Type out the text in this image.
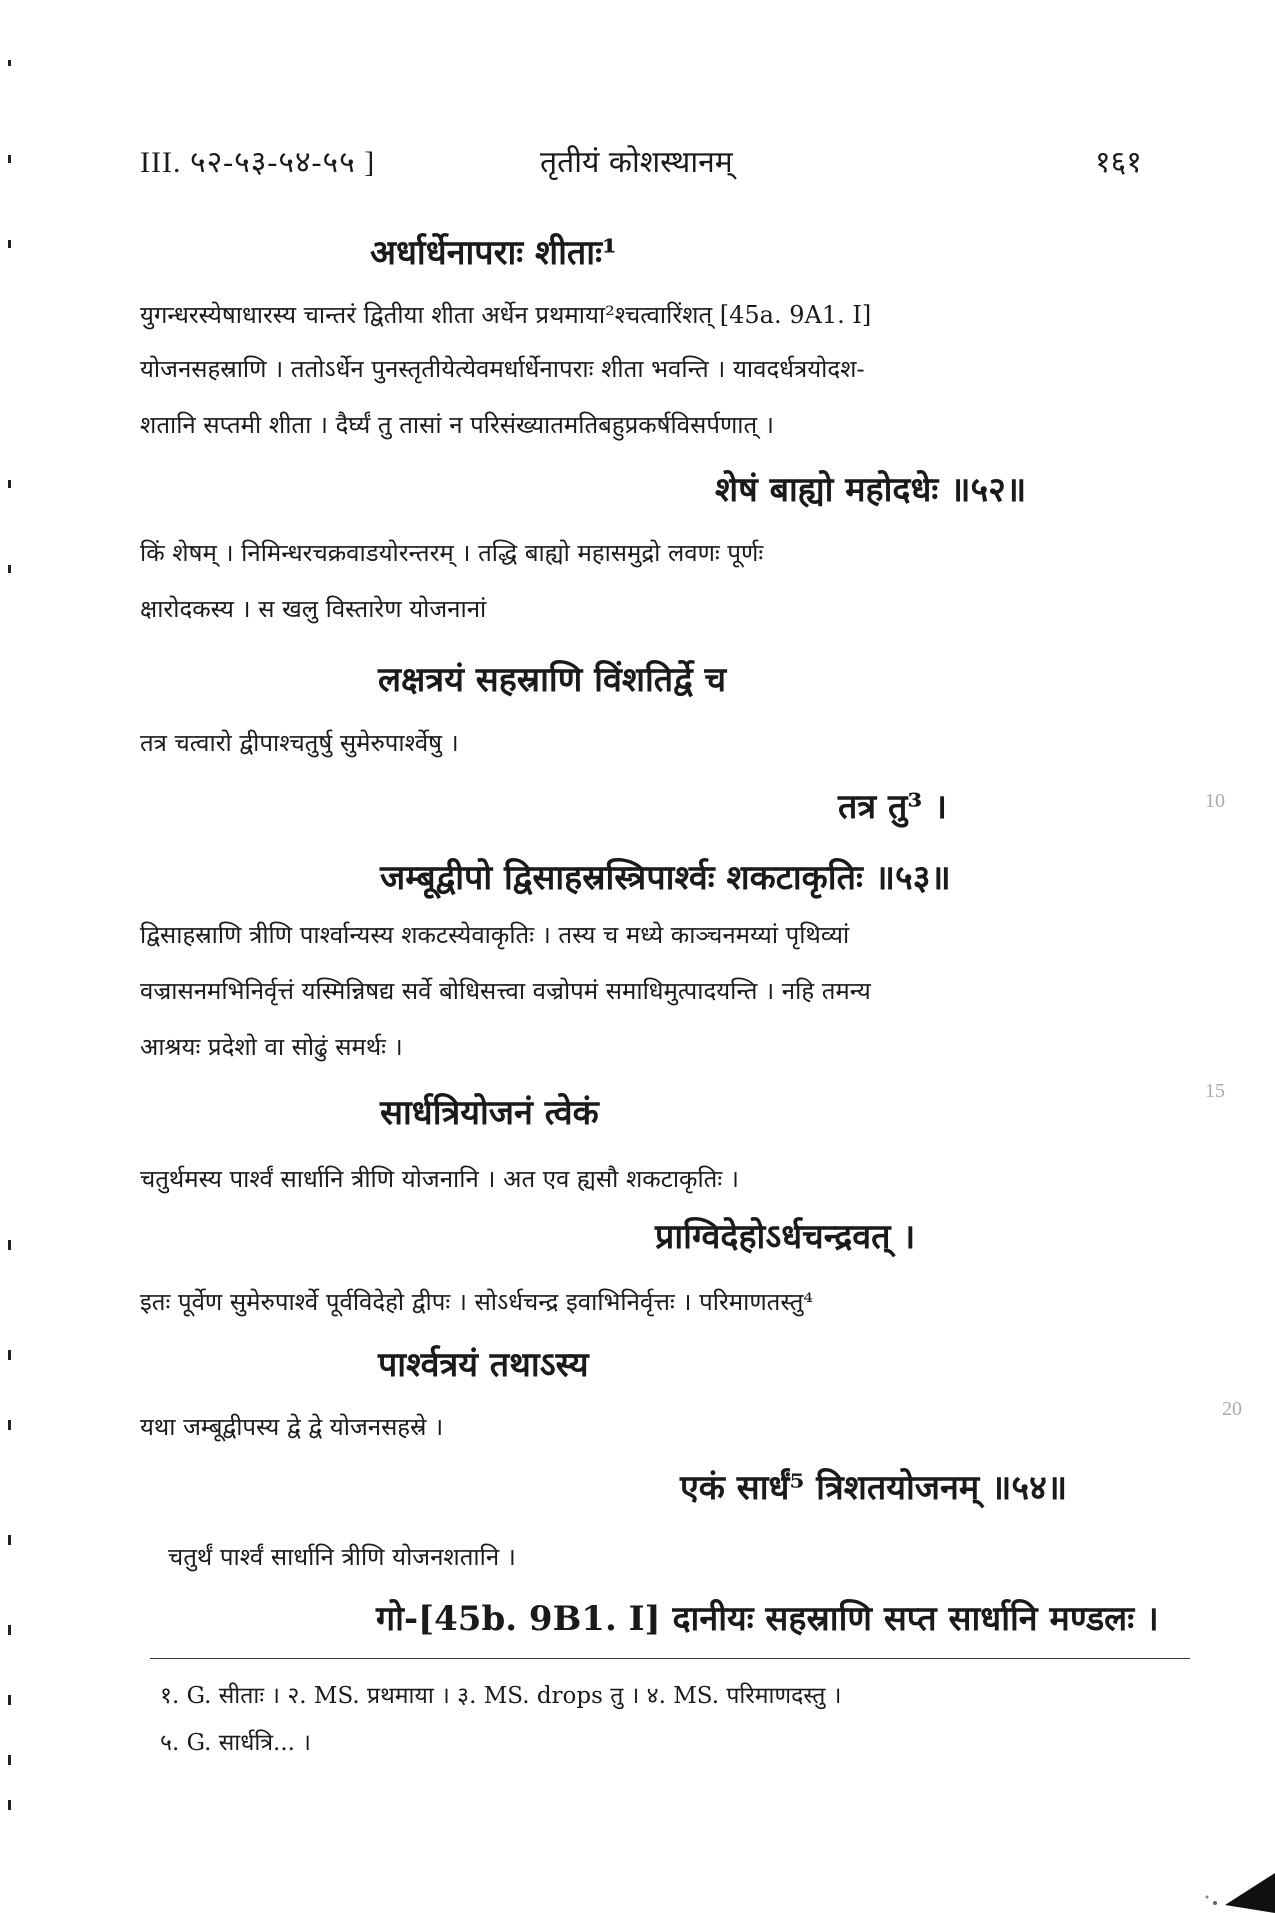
III. ५२-५३-५४-५५ ]	तृतीयं कोशस्थानम्	१६१
अर्धार्धेनापराः शीताः¹
युगन्धरस्येषाधारस्य चान्तरं द्वितीया शीता अर्धेन प्रथमाया²श्चत्वारिंशत् [45a. 9A1. I]
योजनसहस्राणि । ततोऽर्धेन पुनस्तृतीयेत्येवमर्धार्धेनापराः शीता भवन्ति । यावदर्धत्रयोदश-
शतानि सप्तमी शीता । दैर्घ्यं तु तासां न परिसंख्यातमतिबहुप्रकर्षविसर्पणात् ।
शेषं बाह्यो महोदधेः ॥५२॥
किं शेषम् । निमिन्धरचक्रवाडयोरन्तरम् । तद्धि बाह्यो महासमुद्रो लवणः पूर्णः
क्षारोदकस्य । स खलु विस्तारेण योजनानां
लक्षत्रयं सहस्राणि विंशतिर्द्वे च
तत्र चत्वारो द्वीपाश्चतुर्षु सुमेरुपार्श्वेषु ।
तत्र तु³ ।
जम्बूद्वीपो द्विसाहस्रस्त्रिपार्श्वः शकटाकृतिः ॥५३॥
द्विसाहस्राणि त्रीणि पार्श्वान्यस्य शकटस्येवाकृतिः । तस्य च मध्ये काञ्चनमय्यां पृथिव्यां
वज्रासनमभिनिर्वृत्तं यस्मिन्निषद्य सर्वे बोधिसत्त्वा वज्रोपमं समाधिमुत्पादयन्ति । नहि तमन्य
आश्रयः प्रदेशो वा सोढुं समर्थः ।
सार्धत्रियोजनं त्वेकं
चतुर्थमस्य पार्श्वं सार्धानि त्रीणि योजनानि । अत एव ह्यसौ शकटाकृतिः ।
प्राग्विदेहोऽर्धचन्द्रवत् ।
इतः पूर्वेण सुमेरुपार्श्वे पूर्वविदेहो द्वीपः । सोऽर्धचन्द्र इवाभिनिर्वृत्तः । परिमाणतस्तु⁴
पार्श्वत्रयं तथाऽस्य
यथा जम्बूद्वीपस्य द्वे द्वे योजनसहस्रे ।
एकं सार्धं⁵ त्रिशतयोजनम् ॥५४॥
चतुर्थं पार्श्वं सार्धानि त्रीणि योजनशतानि ।
गो-[45b. 9B1. I] दानीयः सहस्राणि सप्त सार्धानि मण्डलः ।
१. G. सीताः । २. MS. प्रथमाया । ३. MS. drops तु । ४. MS. परिमाणदस्तु ।
५. G. सार्धत्रि... ।
10
15
20
